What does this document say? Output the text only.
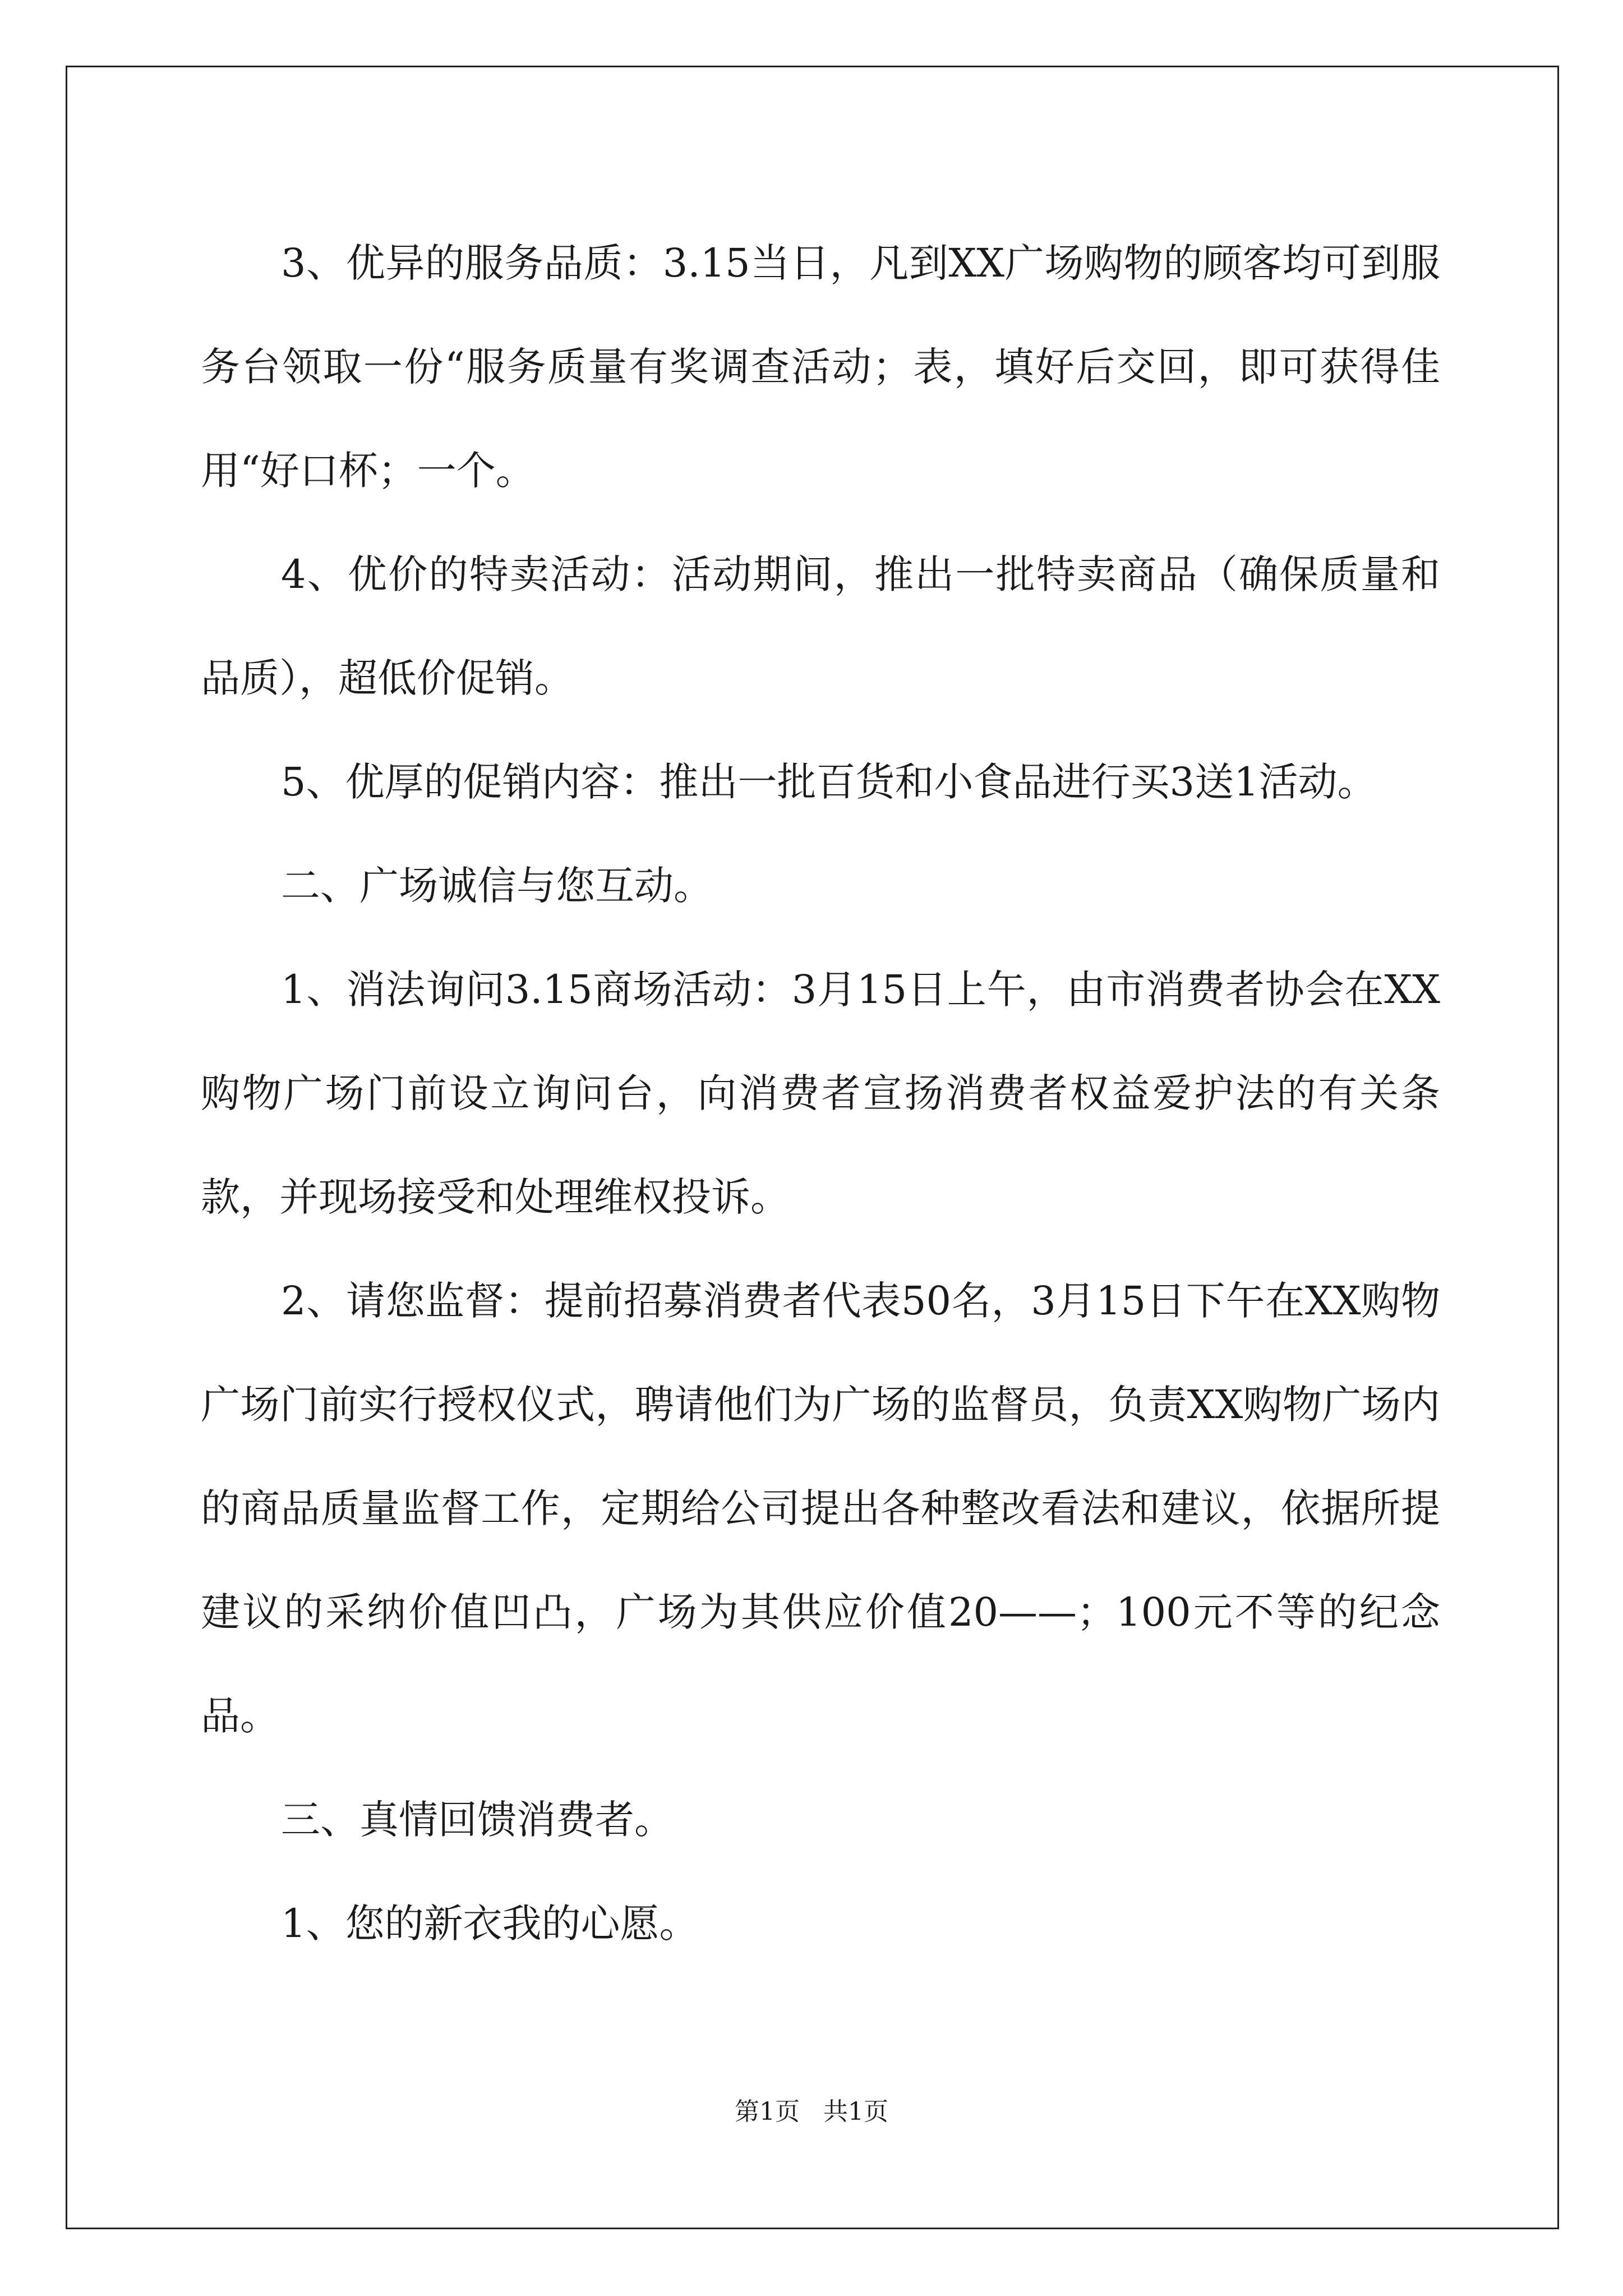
3、优异的服务品质：3.15当日，凡到XX广场购物的顾客均可到服务台领取一份“服务质量有奖调查活动；表，填好后交回，即可获得佳用“好口杯；一个。

4、优价的特卖活动：活动期间，推出一批特卖商品（确保质量和品质），超低价促销。

5、优厚的促销内容：推出一批百货和小食品进行买3送1活动。

二、广场诚信与您互动。

1、消法询问3.15商场活动：3月15日上午，由市消费者协会在XX购物广场门前设立询问台，向消费者宣扬消费者权益爱护法的有关条款，并现场接受和处理维权投诉。

2、请您监督：提前招募消费者代表50名，3月15日下午在XX购物广场门前实行授权仪式，聘请他们为广场的监督员，负责XX购物广场内的商品质量监督工作，定期给公司提出各种整改看法和建议，依据所提建议的采纳价值凹凸，广场为其供应价值20——；100元不等的纪念品。

三、真情回馈消费者。

1、您的新衣我的心愿。

第1页   共1页
